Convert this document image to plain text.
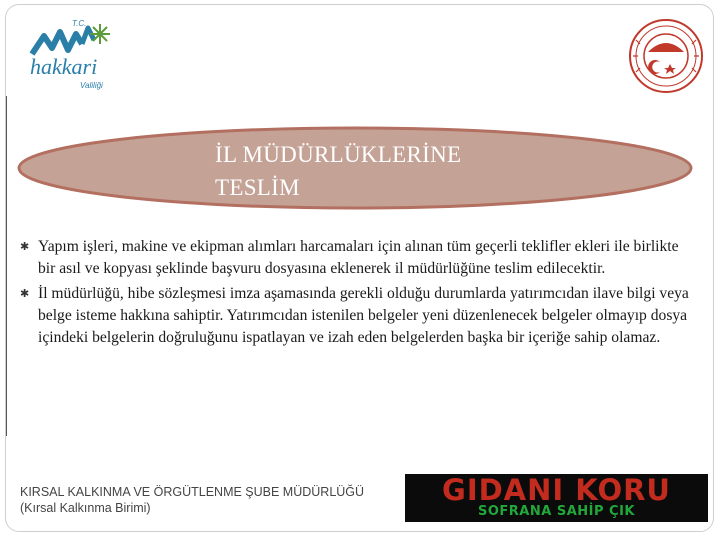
T.C.
hakkari
Valiliği
İL MÜDÜRLÜKLERİNE
TESLİM
✱ Yapım işleri, makine ve ekipman alımları harcamaları için alınan tüm geçerli teklifler ekleri ile birlikte bir asıl ve kopyası şeklinde başvuru dosyasına eklenerek il müdürlüğüne teslim edilecektir.
✱ İl müdürlüğü, hibe sözleşmesi imza aşamasında gerekli olduğu durumlarda yatırımcıdan ilave bilgi veya belge isteme hakkına sahiptir. Yatırımcıdan istenilen belgeler yeni düzenlenecek belgeler olmayıp dosya içindeki belgelerin doğruluğunu ispatlayan ve izah eden belgelerden başka bir içeriğe sahip olamaz.
KIRSAL KALKINMA VE ÖRGÜTLENME ŞUBE MÜDÜRLÜĞÜ
(Kırsal Kalkınma Birimi)
GIDANI KORU
SOFRANA SAHİP ÇIK
